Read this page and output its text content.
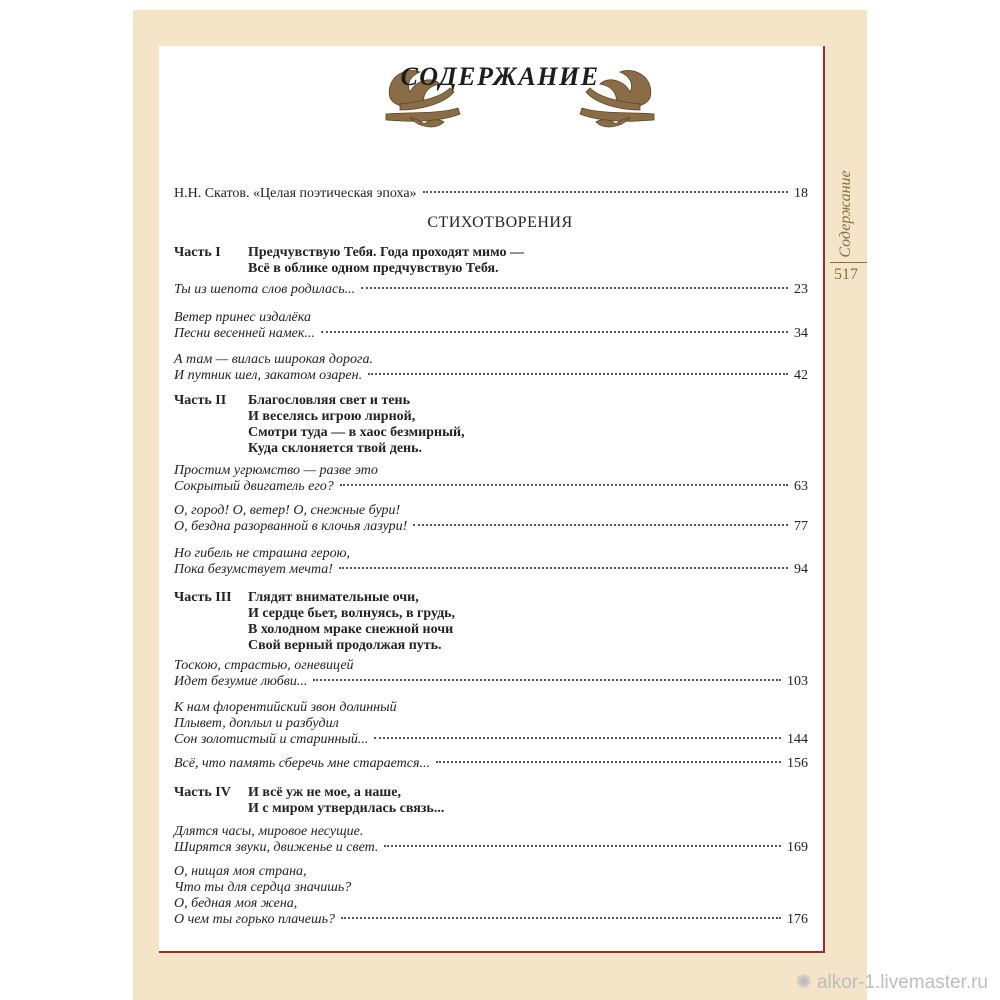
Содержание
517
СОДЕРЖАНИЕ
Н.Н. Скатов. «Целая поэтическая эпоха»	18
СТИХОТВОРЕНИЯ
Часть I Предчувствую Тебя. Года проходят мимо —
Всё в облике одном предчувствую Тебя.
Ты из шепота слов родилась...	23
Ветер принес издалёка
Песни весенней намек...	34
А там — вилась широкая дорога.
И путник шел, закатом озарен.	42
Часть II Благословляя свет и тень
И веселясь игрою лирной,
Смотри туда — в хаос безмирный,
Куда склоняется твой день.
Простим угрюмство — разве это
Сокрытый двигатель его?	63
О, город! О, ветер! О, снежные бури!
О, бездна разорванной в клочья лазури!	77
Но гибель не страшна герою,
Пока безумствует мечта!	94
Часть III Глядят внимательные очи,
И сердце бьет, волнуясь, в грудь,
В холодном мраке снежной ночи
Свой верный продолжая путь.
Тоскою, страстью, огневицей
Идет безумие любви...	103
К нам флорентийский звон долинный
Плывет, доплыл и разбудил
Сон золотистый и старинный...	144
Всё, что память сберечь мне старается...	156
Часть IV И всё уж не мое, а наше,
И с миром утвердилась связь...
Длятся часы, мировое несущие.
Ширятся звуки, движенье и свет.	169
О, нищая моя страна,
Что ты для сердца значишь?
О, бедная моя жена,
О чем ты горько плачешь?	176
✺ alkor-1.livemaster.ru
